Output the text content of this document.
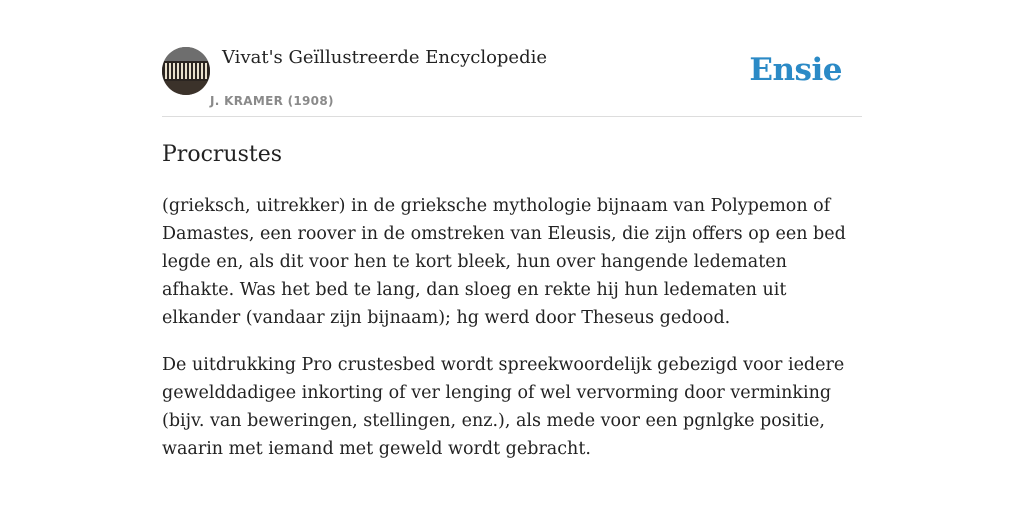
Vivat's Geïllustreerde Encyclopedie
J. KRAMER (1908)
Ensie
Procrustes

(grieksch, uitrekker) in de grieksche mythologie bijnaam van Polypemon of Damastes, een roover in de omstreken van Eleusis, die zijn offers op een bed legde en, als dit voor hen te kort bleek, hun over hangende ledematen afhakte. Was het bed te lang, dan sloeg en rekte hij hun ledematen uit elkander (vandaar zijn bijnaam); hg werd door Theseus gedood.

De uitdrukking Pro crustesbed wordt spreekwoordelijk gebezigd voor iedere gewelddadigee inkorting of ver lenging of wel vervorming door verminking (bijv. van beweringen, stellingen, enz.), als mede voor een pgnlgke positie, waarin met iemand met geweld wordt gebracht.
